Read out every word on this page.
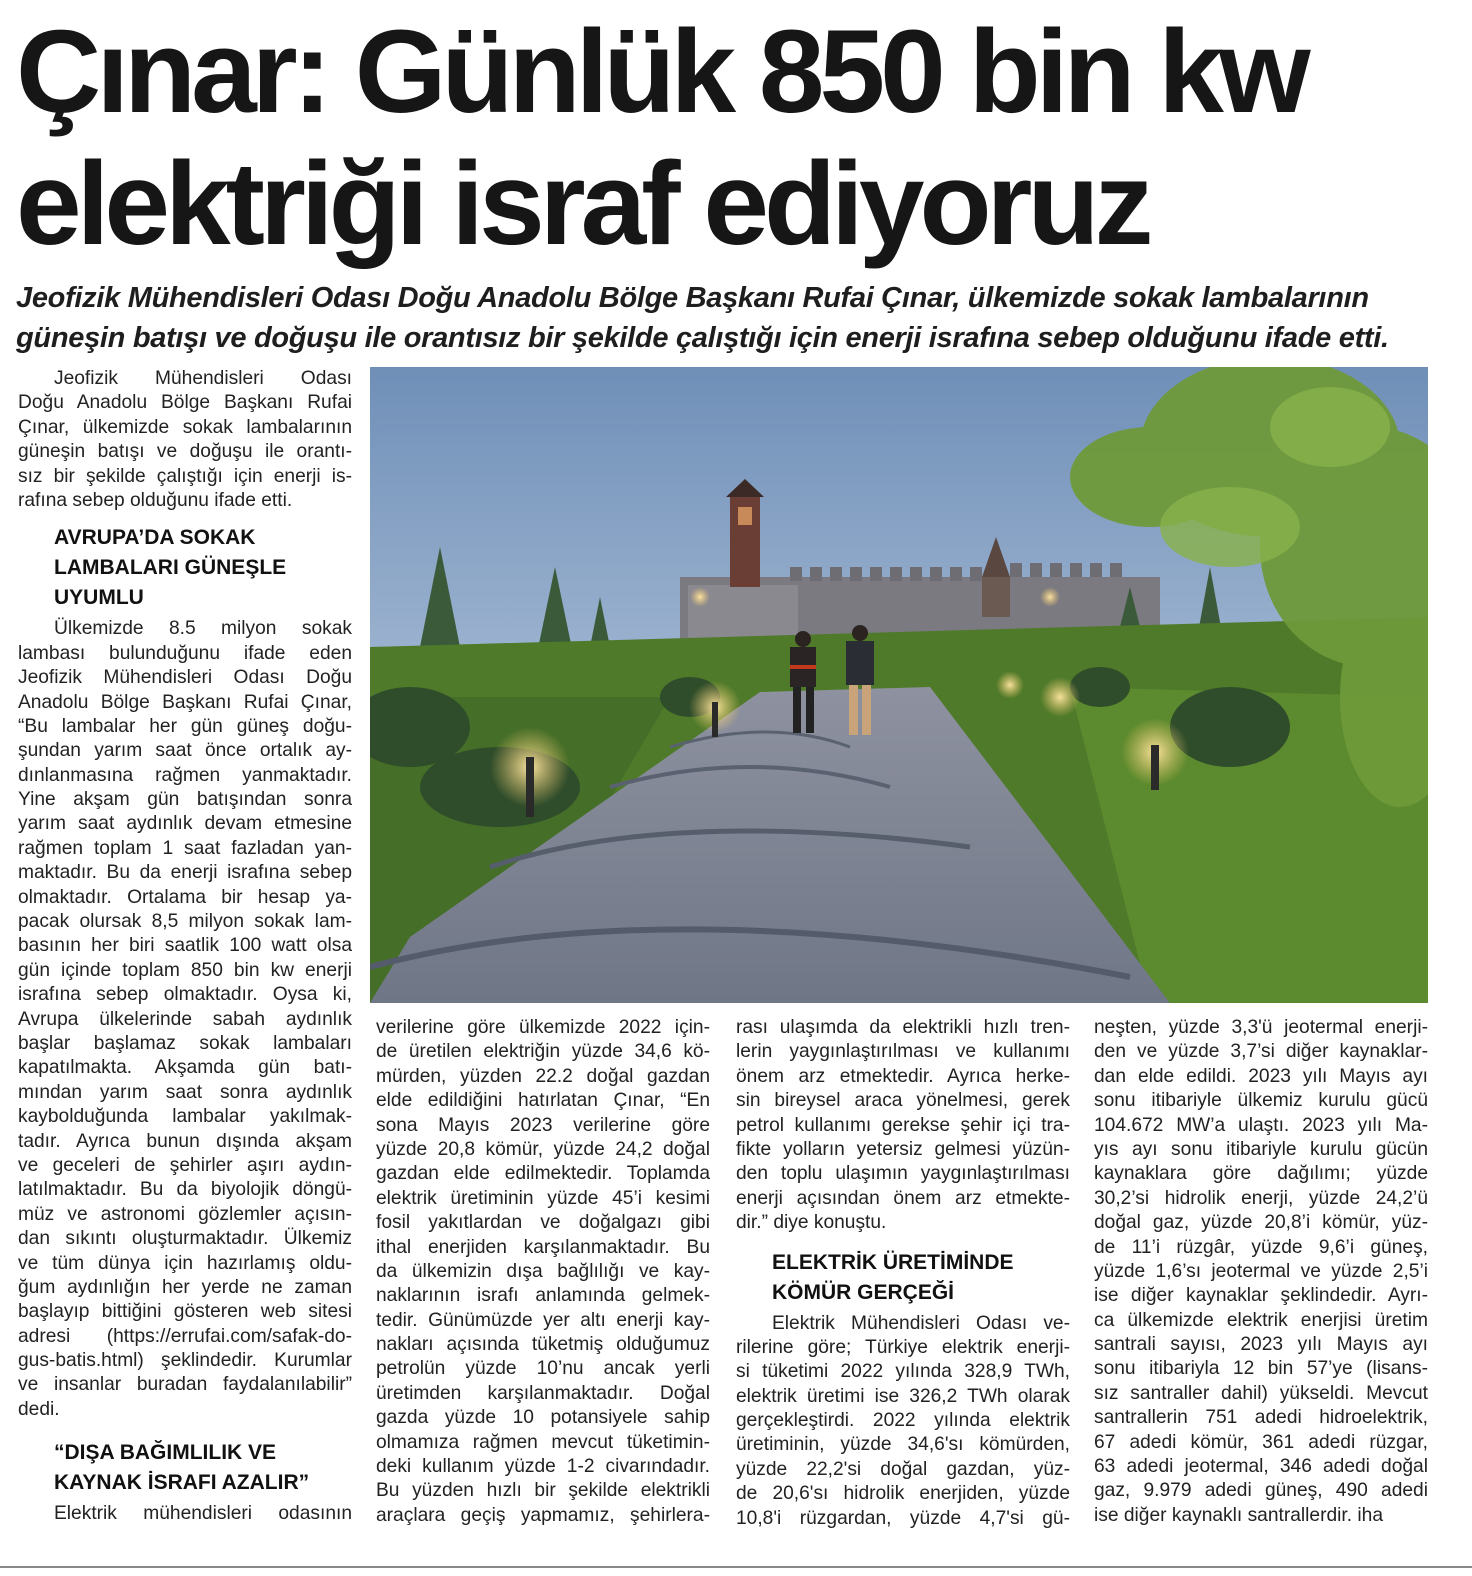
Çınar: Günlük 850 bin kw
elektriği israf ediyoruz
Jeofizik Mühendisleri Odası Doğu Anadolu Bölge Başkanı Rufai Çınar, ülkemizde sokak lambalarının
güneşin batışı ve doğuşu ile orantısız bir şekilde çalıştığı için enerji israfına sebep olduğunu ifade etti.
Jeofizik Mühendisleri Odası
Doğu Anadolu Bölge Başkanı Rufai
Çınar, ülkemizde sokak lambalarının
güneşin batışı ve doğuşu ile orantı-
sız bir şekilde çalıştığı için enerji is-
rafına sebep olduğunu ifade etti.
AVRUPA’DA SOKAK
LAMBALARI GÜNEŞLE
UYUMLU
Ülkemizde 8.5 milyon sokak
lambası bulunduğunu ifade eden
Jeofizik Mühendisleri Odası Doğu
Anadolu Bölge Başkanı Rufai Çınar,
“Bu lambalar her gün güneş doğu-
şundan yarım saat önce ortalık ay-
dınlanmasına rağmen yanmaktadır.
Yine akşam gün batışından sonra
yarım saat aydınlık devam etmesine
rağmen toplam 1 saat fazladan yan-
maktadır. Bu da enerji israfına sebep
olmaktadır. Ortalama bir hesap ya-
pacak olursak 8,5 milyon sokak lam-
basının her biri saatlik 100 watt olsa
gün içinde toplam 850 bin kw enerji
israfına sebep olmaktadır. Oysa ki,
Avrupa ülkelerinde sabah aydınlık
başlar başlamaz sokak lambaları
kapatılmakta. Akşamda gün batı-
mından yarım saat sonra aydınlık
kaybolduğunda lambalar yakılmak-
tadır. Ayrıca bunun dışında akşam
ve geceleri de şehirler aşırı aydın-
latılmaktadır. Bu da biyolojik döngü-
müz ve astronomi gözlemler açısın-
dan sıkıntı oluşturmaktadır. Ülkemiz
ve tüm dünya için hazırlamış oldu-
ğum aydınlığın her yerde ne zaman
başlayıp bittiğini gösteren web sitesi
adresi (https://errufai.com/safak-do-
gus-batis.html) şeklindedir. Kurumlar
ve insanlar buradan faydalanılabilir”
dedi.
“DIŞA BAĞIMLILIK VE
KAYNAK İSRAFI AZALIR”
Elektrik mühendisleri odasının
verilerine göre ülkemizde 2022 için-
de üretilen elektriğin yüzde 34,6 kö-
mürden, yüzden 22.2 doğal gazdan
elde edildiğini hatırlatan Çınar, “En
sona Mayıs 2023 verilerine göre
yüzde 20,8 kömür, yüzde 24,2 doğal
gazdan elde edilmektedir. Toplamda
elektrik üretiminin yüzde 45’i kesimi
fosil yakıtlardan ve doğalgazı gibi
ithal enerjiden karşılanmaktadır. Bu
da ülkemizin dışa bağlılığı ve kay-
naklarının israfı anlamında gelmek-
tedir. Günümüzde yer altı enerji kay-
nakları açısında tüketmiş olduğumuz
petrolün yüzde 10’nu ancak yerli
üretimden karşılanmaktadır. Doğal
gazda yüzde 10 potansiyele sahip
olmamıza rağmen mevcut tüketimin-
deki kullanım yüzde 1-2 civarındadır.
Bu yüzden hızlı bir şekilde elektrikli
araçlara geçiş yapmamız, şehirlera-
rası ulaşımda da elektrikli hızlı tren-
lerin yaygınlaştırılması ve kullanımı
önem arz etmektedir. Ayrıca herke-
sin bireysel araca yönelmesi, gerek
petrol kullanımı gerekse şehir içi tra-
fikte yolların yetersiz gelmesi yüzün-
den toplu ulaşımın yaygınlaştırılması
enerji açısından önem arz etmekte-
dir.” diye konuştu.
ELEKTRİK ÜRETİMİNDE
KÖMÜR GERÇEĞİ
Elektrik Mühendisleri Odası ve-
rilerine göre; Türkiye elektrik enerji-
si tüketimi 2022 yılında 328,9 TWh,
elektrik üretimi ise 326,2 TWh olarak
gerçekleştirdi. 2022 yılında elektrik
üretiminin, yüzde 34,6'sı kömürden,
yüzde 22,2'si doğal gazdan, yüz-
de 20,6'sı hidrolik enerjiden, yüzde
10,8'i rüzgardan, yüzde 4,7'si gü-
neşten, yüzde 3,3'ü jeotermal enerji-
den ve yüzde 3,7’si diğer kaynaklar-
dan elde edildi. 2023 yılı Mayıs ayı
sonu itibariyle ülkemiz kurulu gücü
104.672 MW’a ulaştı. 2023 yılı Ma-
yıs ayı sonu itibariyle kurulu gücün
kaynaklara göre dağılımı; yüzde
30,2’si hidrolik enerji, yüzde 24,2’ü
doğal gaz, yüzde 20,8’i kömür, yüz-
de 11’i rüzgâr, yüzde 9,6’i güneş,
yüzde 1,6’sı jeotermal ve yüzde 2,5’i
ise diğer kaynaklar şeklindedir. Ayrı-
ca ülkemizde elektrik enerjisi üretim
santrali sayısı, 2023 yılı Mayıs ayı
sonu itibariyla 12 bin 57’ye (lisans-
sız santraller dahil) yükseldi. Mevcut
santrallerin 751 adedi hidroelektrik,
67 adedi kömür, 361 adedi rüzgar,
63 adedi jeotermal, 346 adedi doğal
gaz, 9.979 adedi güneş, 490 adedi
ise diğer kaynaklı santrallerdir. iha
